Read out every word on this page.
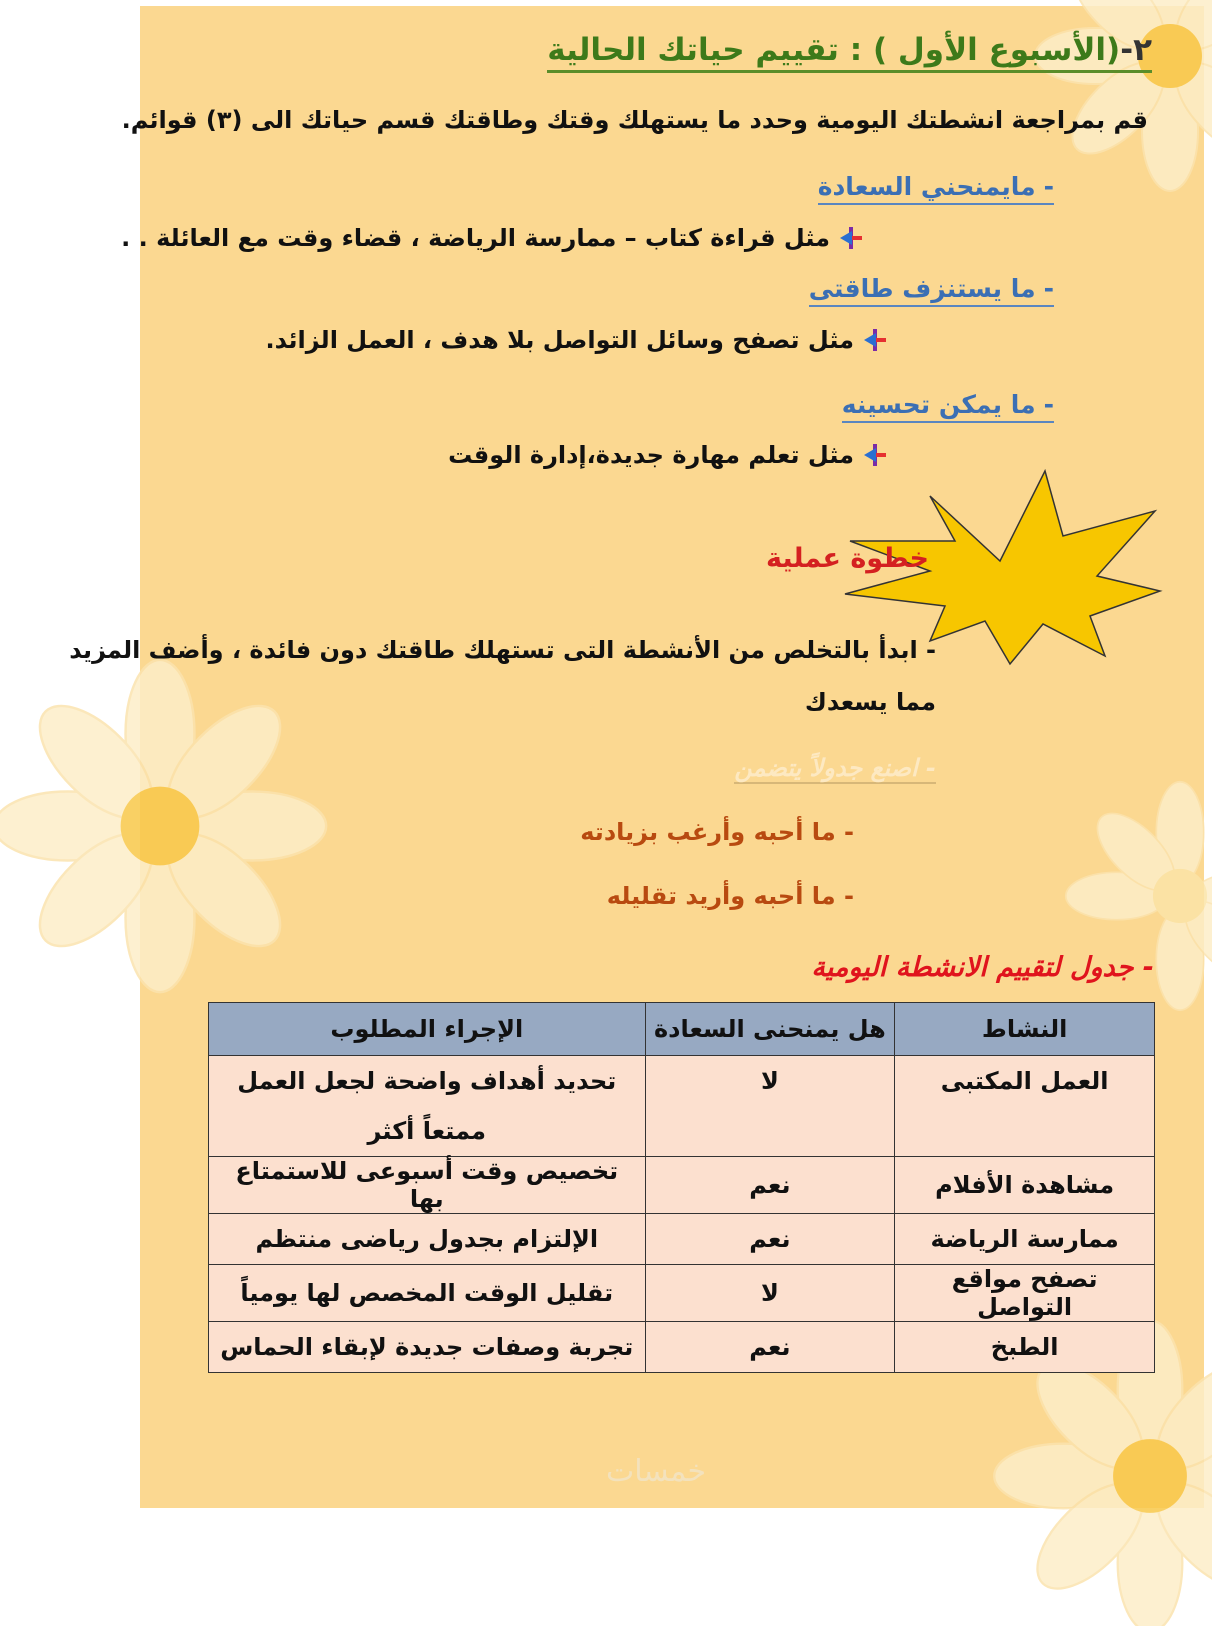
٢-(الأسبوع الأول ) : تقييم حياتك الحالية
قم بمراجعة انشطتك اليومية وحدد ما يستهلك وقتك وطاقتك قسم حياتك الى (٣) قوائم.
-مايمنحني السعادة
مثل قراءة كتاب – ممارسة الرياضة ، قضاء وقت مع العائلة . .
-ما يستنزف طاقتى
مثل تصفح وسائل التواصل بلا هدف ، العمل الزائد.
-ما يمكن تحسينه
مثل تعلم مهارة جديدة،إدارة الوقت
خطوة عملية
- ابدأ بالتخلص من الأنشطة التى تستهلك طاقتك دون فائدة ، وأضف المزيد
مما يسعدك
- اصنع جدولاً يتضمن
- ما أحبه وأرغب بزيادته
- ما أحبه وأريد تقليله
- جدول لتقييم الانشطة اليومية
النشاط	هل يمنحنى السعادة	الإجراء المطلوب
العمل المكتبى	لا	تحديد أهداف واضحة لجعل العمل ممتعاً أكثر
مشاهدة الأفلام	نعم	تخصيص وقت أسبوعى للاستمتاع بها
ممارسة الرياضة	نعم	الإلتزام بجدول رياضى منتظم
تصفح مواقع التواصل	لا	تقليل الوقت المخصص لها يومياً
الطبخ	نعم	تجربة وصفات جديدة لإبقاء الحماس
خمسات
